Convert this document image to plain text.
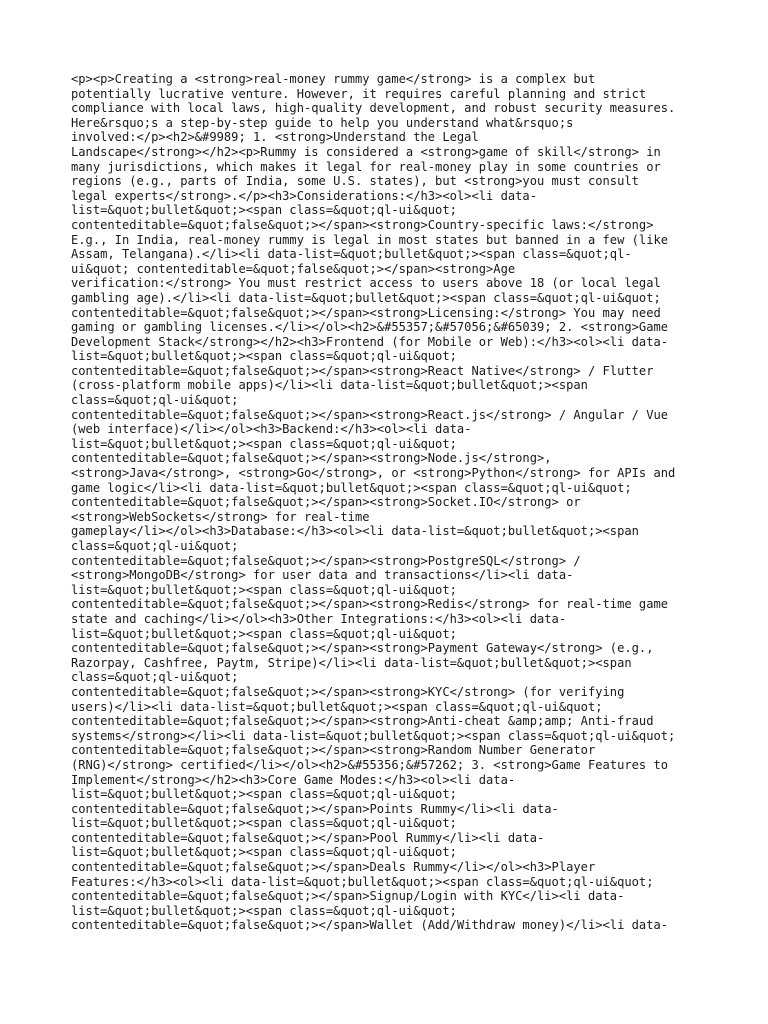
<p><p>Creating a <strong>real-money rummy game</strong> is a complex but
potentially lucrative venture. However, it requires careful planning and strict
compliance with local laws, high-quality development, and robust security measures.
Here&rsquo;s a step-by-step guide to help you understand what&rsquo;s
involved:</p><h2>&#9989; 1. <strong>Understand the Legal
Landscape</strong></h2><p>Rummy is considered a <strong>game of skill</strong> in
many jurisdictions, which makes it legal for real-money play in some countries or
regions (e.g., parts of India, some U.S. states), but <strong>you must consult
legal experts</strong>.</p><h3>Considerations:</h3><ol><li data-
list=&quot;bullet&quot;><span class=&quot;ql-ui&quot;
contenteditable=&quot;false&quot;></span><strong>Country-specific laws:</strong>
E.g., In India, real-money rummy is legal in most states but banned in a few (like
Assam, Telangana).</li><li data-list=&quot;bullet&quot;><span class=&quot;ql-
ui&quot; contenteditable=&quot;false&quot;></span><strong>Age
verification:</strong> You must restrict access to users above 18 (or local legal
gambling age).</li><li data-list=&quot;bullet&quot;><span class=&quot;ql-ui&quot;
contenteditable=&quot;false&quot;></span><strong>Licensing:</strong> You may need
gaming or gambling licenses.</li></ol><h2>&#55357;&#57056;&#65039; 2. <strong>Game
Development Stack</strong></h2><h3>Frontend (for Mobile or Web):</h3><ol><li data-
list=&quot;bullet&quot;><span class=&quot;ql-ui&quot;
contenteditable=&quot;false&quot;></span><strong>React Native</strong> / Flutter
(cross-platform mobile apps)</li><li data-list=&quot;bullet&quot;><span
class=&quot;ql-ui&quot;
contenteditable=&quot;false&quot;></span><strong>React.js</strong> / Angular / Vue
(web interface)</li></ol><h3>Backend:</h3><ol><li data-
list=&quot;bullet&quot;><span class=&quot;ql-ui&quot;
contenteditable=&quot;false&quot;></span><strong>Node.js</strong>,
<strong>Java</strong>, <strong>Go</strong>, or <strong>Python</strong> for APIs and
game logic</li><li data-list=&quot;bullet&quot;><span class=&quot;ql-ui&quot;
contenteditable=&quot;false&quot;></span><strong>Socket.IO</strong> or
<strong>WebSockets</strong> for real-time
gameplay</li></ol><h3>Database:</h3><ol><li data-list=&quot;bullet&quot;><span
class=&quot;ql-ui&quot;
contenteditable=&quot;false&quot;></span><strong>PostgreSQL</strong> /
<strong>MongoDB</strong> for user data and transactions</li><li data-
list=&quot;bullet&quot;><span class=&quot;ql-ui&quot;
contenteditable=&quot;false&quot;></span><strong>Redis</strong> for real-time game
state and caching</li></ol><h3>Other Integrations:</h3><ol><li data-
list=&quot;bullet&quot;><span class=&quot;ql-ui&quot;
contenteditable=&quot;false&quot;></span><strong>Payment Gateway</strong> (e.g.,
Razorpay, Cashfree, Paytm, Stripe)</li><li data-list=&quot;bullet&quot;><span
class=&quot;ql-ui&quot;
contenteditable=&quot;false&quot;></span><strong>KYC</strong> (for verifying
users)</li><li data-list=&quot;bullet&quot;><span class=&quot;ql-ui&quot;
contenteditable=&quot;false&quot;></span><strong>Anti-cheat &amp;amp; Anti-fraud
systems</strong></li><li data-list=&quot;bullet&quot;><span class=&quot;ql-ui&quot;
contenteditable=&quot;false&quot;></span><strong>Random Number Generator
(RNG)</strong> certified</li></ol><h2>&#55356;&#57262; 3. <strong>Game Features to
Implement</strong></h2><h3>Core Game Modes:</h3><ol><li data-
list=&quot;bullet&quot;><span class=&quot;ql-ui&quot;
contenteditable=&quot;false&quot;></span>Points Rummy</li><li data-
list=&quot;bullet&quot;><span class=&quot;ql-ui&quot;
contenteditable=&quot;false&quot;></span>Pool Rummy</li><li data-
list=&quot;bullet&quot;><span class=&quot;ql-ui&quot;
contenteditable=&quot;false&quot;></span>Deals Rummy</li></ol><h3>Player
Features:</h3><ol><li data-list=&quot;bullet&quot;><span class=&quot;ql-ui&quot;
contenteditable=&quot;false&quot;></span>Signup/Login with KYC</li><li data-
list=&quot;bullet&quot;><span class=&quot;ql-ui&quot;
contenteditable=&quot;false&quot;></span>Wallet (Add/Withdraw money)</li><li data-
